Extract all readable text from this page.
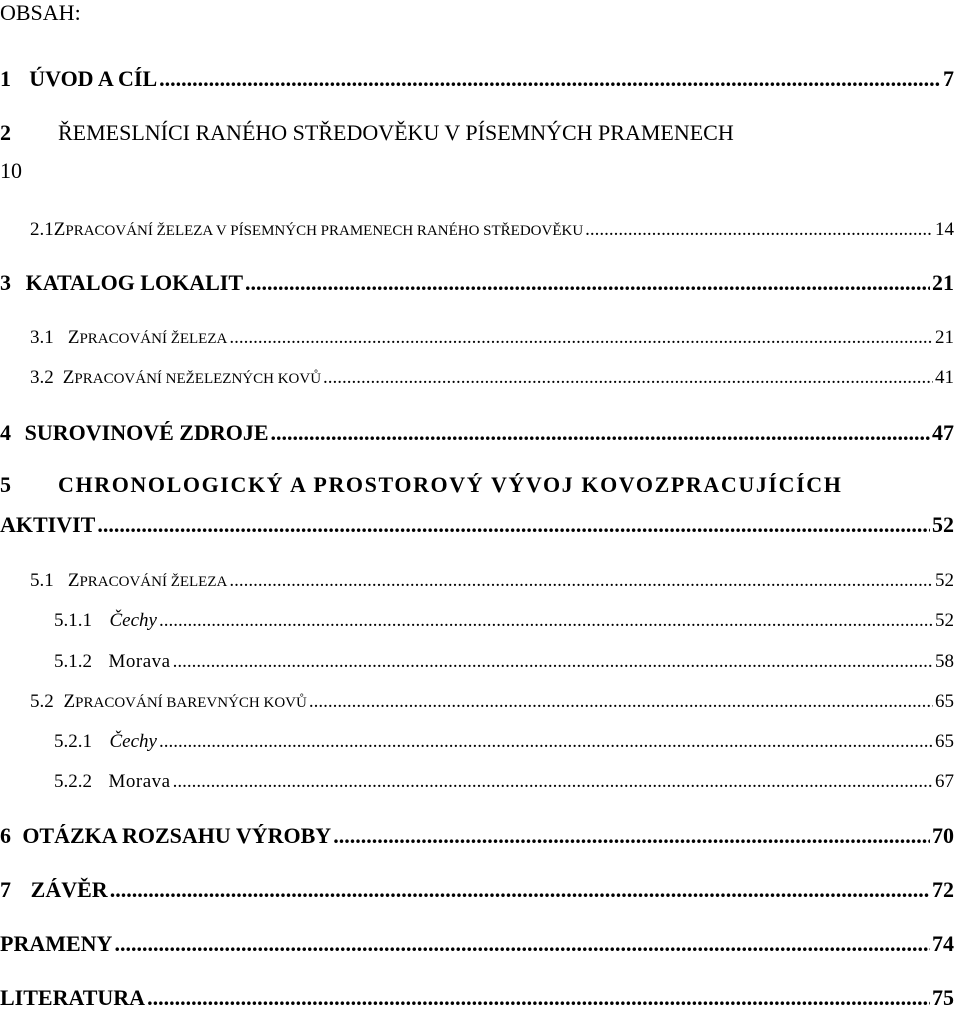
OBSAH:
1 ÚVOD A CÍL .....	7
2	ŘEMESLNÍCI RANÉHO STŘEDOVĚKU V PÍSEMNÝCH PRAMENECH
10
2.1 ZPRACOVÁNÍ ŽELEZA V PÍSEMNÝCH PRAMENECH RANÉHO STŘEDOVĚKU .....	14
3 KATALOG LOKALIT .....	21
3.1 ZPRACOVÁNÍ ŽELEZA .....	21
3.2 ZPRACOVÁNÍ NEŽELEZNÝCH KOVŮ .....	41
4 SUROVINOVÉ ZDROJE .....	47
5	CHRONOLOGICKÝ A PROSTOROVÝ VÝVOJ KOVOZPRACUJÍCÍCH
AKTIVIT .....	52
5.1 ZPRACOVÁNÍ ŽELEZA .....	52
5.1.1 Čechy .....	52
5.1.2 Morava .....	58
5.2 ZPRACOVÁNÍ BAREVNÝCH KOVŮ .....	65
5.2.1 Čechy .....	65
5.2.2 Morava .....	67
6 OTÁZKA ROZSAHU VÝROBY .....	70
7 ZÁVĚR .....	72
PRAMENY .....	74
LITERATURA .....	75
